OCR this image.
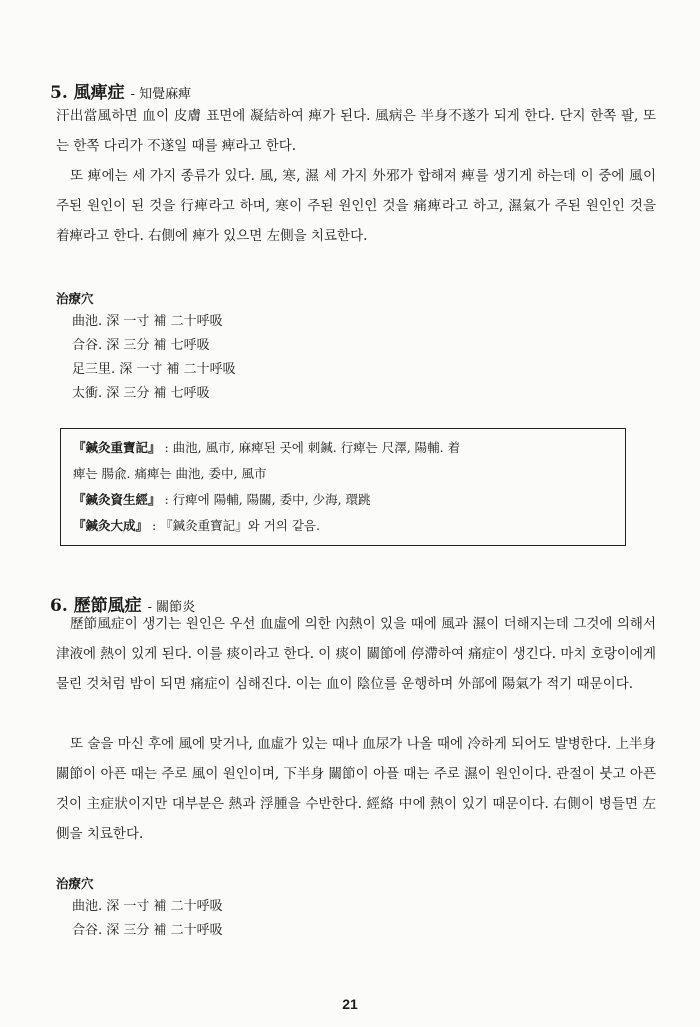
5. 風痺症 - 知覺麻痺

汗出當風하면 血이 皮膚 표면에 凝結하여 痺가 된다. 風病은 半身不遂가 되게 한다. 단지 한쪽 팔, 또는 한쪽 다리가 不遂일 때를 痺라고 한다.

또 痺에는 세 가지 종류가 있다. 風, 寒, 濕 세 가지 外邪가 합해져 痺를 생기게 하는데 이 중에 風이 주된 원인이 된 것을 行痺라고 하며, 寒이 주된 원인인 것을 痛痺라고 하고, 濕氣가 주된 원인인 것을 着痺라고 한다. 右側에 痺가 있으면 左側을 치료한다.

治療穴
曲池. 深 一寸 補 二十呼吸
合谷. 深 三分 補 七呼吸
足三里. 深 一寸 補 二十呼吸
太衝. 深 三分 補 七呼吸
『鍼灸重寶記』 : 曲池, 風市, 麻痺된 곳에 刺鍼. 行痺는 尺澤, 陽輔. 着
痺는 腸兪. 痛痺는 曲池, 委中, 風市
『鍼灸資生經』 : 行痺에 陽輔, 陽關, 委中, 少海, 環跳
『鍼灸大成』 : 『鍼灸重寶記』와 거의 같음.
6. 歷節風症 - 關節炎

歷節風症이 생기는 원인은 우선 血虛에 의한 內熱이 있을 때에 風과 濕이 더해지는데 그것에 의해서 津液에 熱이 있게 된다. 이를 痰이라고 한다. 이 痰이 關節에 停滯하여 痛症이 생긴다. 마치 호랑이에게 물린 것처럼 밤이 되면 痛症이 심해진다. 이는 血이 陰位를 운행하며 外部에 陽氣가 적기 때문이다.

또 술을 마신 후에 風에 맞거나, 血虛가 있는 때나 血尿가 나올 때에 冷하게 되어도 발병한다. 上半身 關節이 아픈 때는 주로 風이 원인이며, 下半身 關節이 아플 때는 주로 濕이 원인이다. 관절이 붓고 아픈 것이 主症狀이지만 대부분은 熱과 浮腫을 수반한다. 經絡 中에 熱이 있기 때문이다. 右側이 병들면 左側을 치료한다.

治療穴
曲池. 深 一寸 補 二十呼吸
合谷. 深 三分 補 二十呼吸
21
